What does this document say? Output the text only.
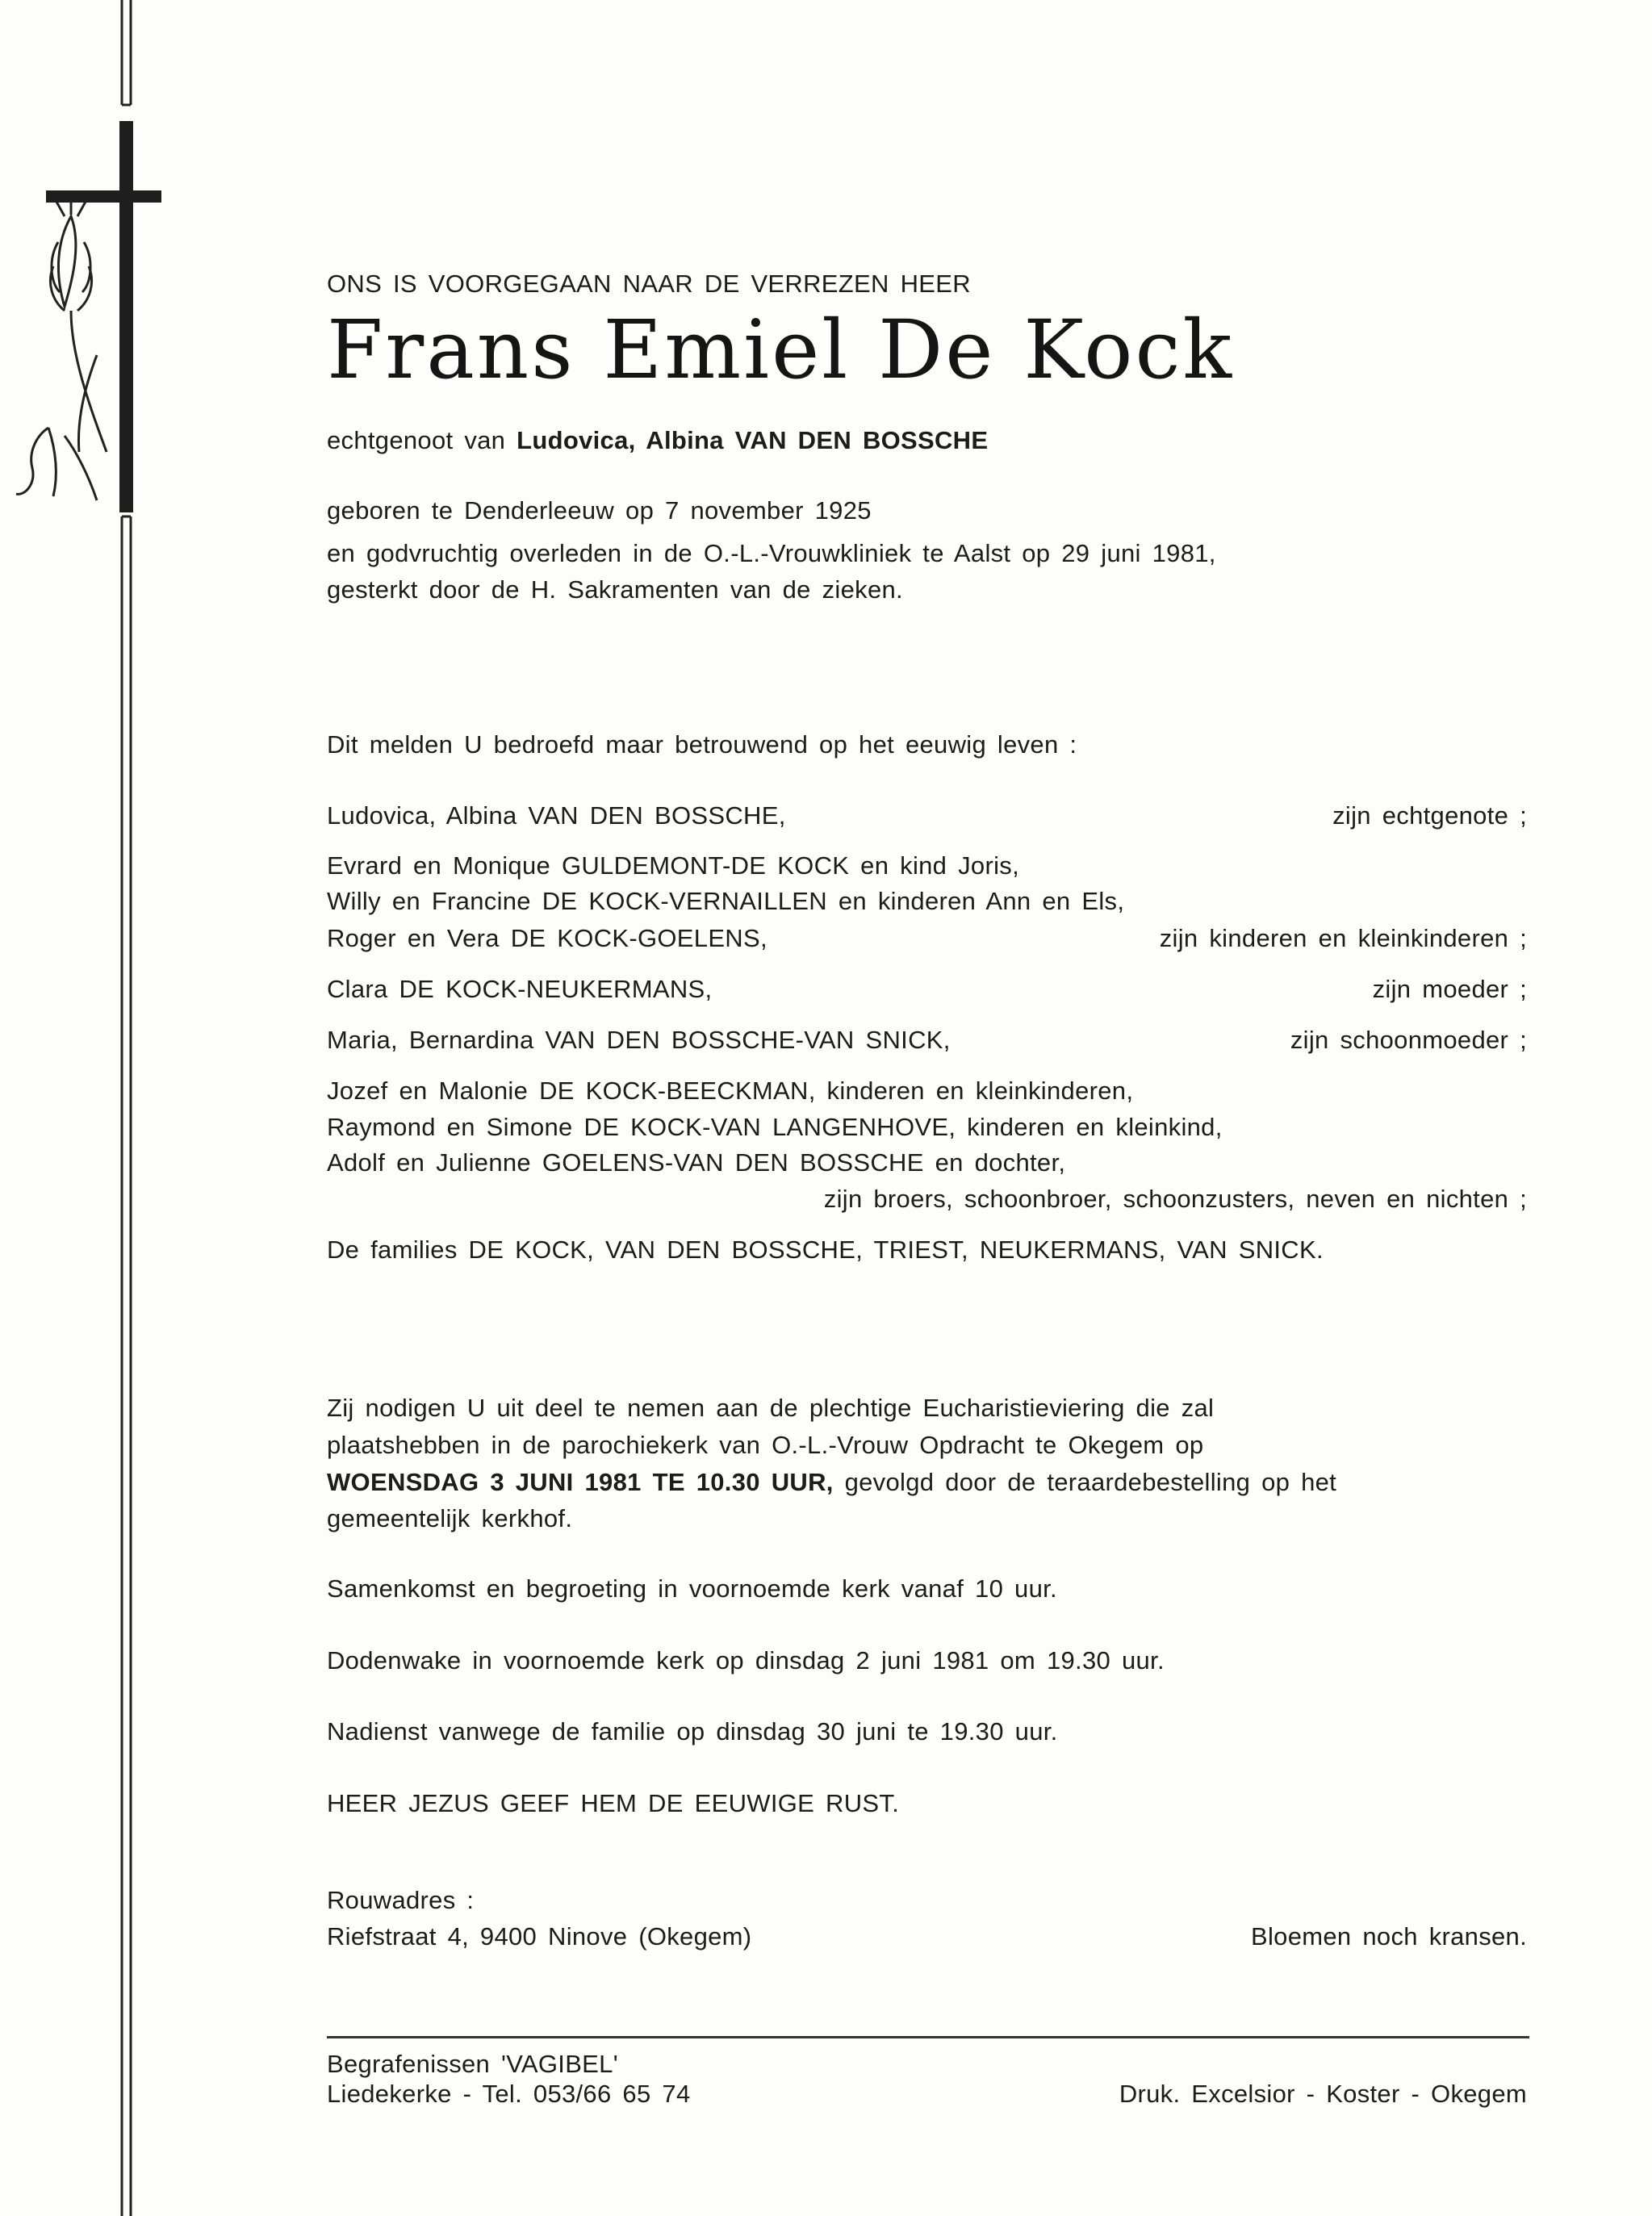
ONS IS VOORGEGAAN NAAR DE VERREZEN HEER
Frans Emiel De Kock
echtgenoot van Ludovica, Albina VAN DEN BOSSCHE
geboren te Denderleeuw op 7 november 1925
en godvruchtig overleden in de O.-L.-Vrouwkliniek te Aalst op 29 juni 1981,
gesterkt door de H. Sakramenten van de zieken.
Dit melden U bedroefd maar betrouwend op het eeuwig leven :
Ludovica, Albina VAN DEN BOSSCHE,	zijn echtgenote ;
Evrard en Monique GULDEMONT-DE KOCK en kind Joris,
Willy en Francine DE KOCK-VERNAILLEN en kinderen Ann en Els,
Roger en Vera DE KOCK-GOELENS,	zijn kinderen en kleinkinderen ;
Clara DE KOCK-NEUKERMANS,	zijn moeder ;
Maria, Bernardina VAN DEN BOSSCHE-VAN SNICK,	zijn schoonmoeder ;
Jozef en Malonie DE KOCK-BEECKMAN, kinderen en kleinkinderen,
Raymond en Simone DE KOCK-VAN LANGENHOVE, kinderen en kleinkind,
Adolf en Julienne GOELENS-VAN DEN BOSSCHE en dochter,
zijn broers, schoonbroer, schoonzusters, neven en nichten ;
De families DE KOCK, VAN DEN BOSSCHE, TRIEST, NEUKERMANS, VAN SNICK.
Zij nodigen U uit deel te nemen aan de plechtige Eucharistieviering die zal
plaatshebben in de parochiekerk van O.-L.-Vrouw Opdracht te Okegem op
WOENSDAG 3 JUNI 1981 TE 10.30 UUR, gevolgd door de teraardebestelling op het
gemeentelijk kerkhof.
Samenkomst en begroeting in voornoemde kerk vanaf 10 uur.
Dodenwake in voornoemde kerk op dinsdag 2 juni 1981 om 19.30 uur.
Nadienst vanwege de familie op dinsdag 30 juni te 19.30 uur.
HEER JEZUS GEEF HEM DE EEUWIGE RUST.
Rouwadres :
Riefstraat 4, 9400 Ninove (Okegem)	Bloemen noch kransen.
Begrafenissen 'VAGIBEL'
Liedekerke - Tel. 053/66 65 74	Druk. Excelsior - Koster - Okegem
